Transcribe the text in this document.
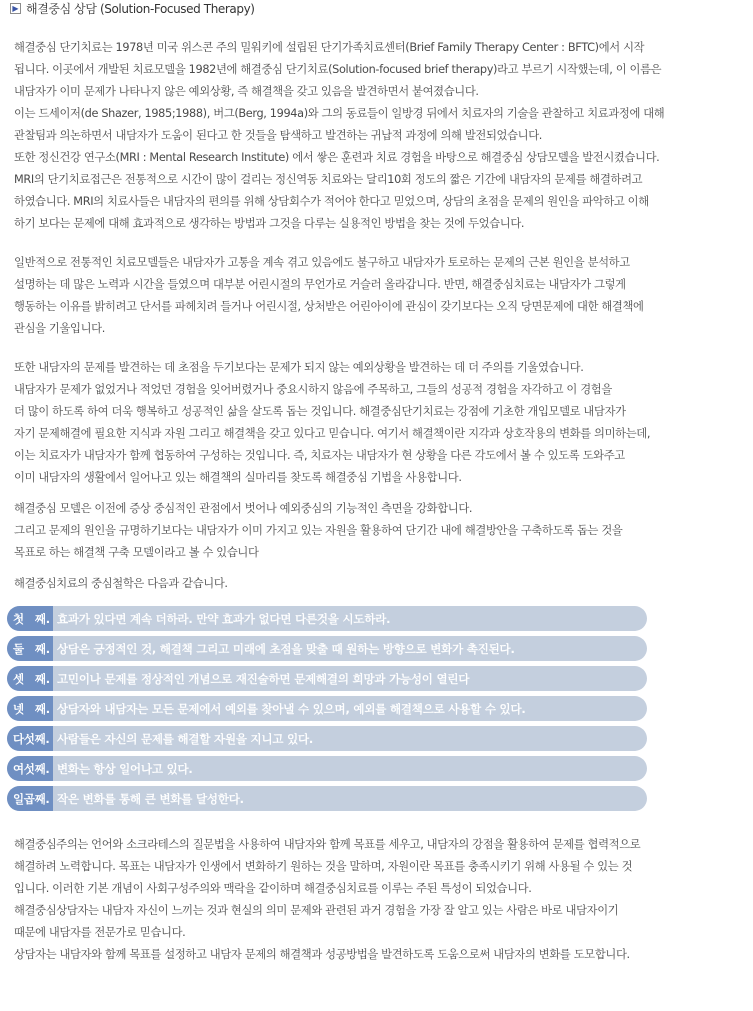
▶ 해결중심 상담 (Solution-Focused Therapy)

해결중심 단기치료는 1978년 미국 위스콘 주의 밀워키에 설립된 단기가족치료센터(Brief Family Therapy Center : BFTC)에서 시작
됩니다. 이곳에서 개발된 치료모델을 1982년에 해결중심 단기치료(Solution-focused brief therapy)라고 부르기 시작했는데, 이 이름은
내담자가 이미 문제가 나타나지 않은 예외상황, 즉 해결책을 갖고 있음을 발견하면서 붙여졌습니다.
이는 드세이저(de Shazer, 1985;1988), 버그(Berg, 1994a)와 그의 동료들이 일방경 뒤에서 치료자의 기술을 관찰하고 치료과정에 대해
관찰팀과 의논하면서 내담자가 도움이 된다고 한 것들을 탐색하고 발견하는 귀납적 과정에 의해 발전되었습니다.
또한 정신건강 연구소(MRI : Mental Research Institute) 에서 쌓은 훈련과 치료 경험을 바탕으로 해결중심 상담모델을 발전시켰습니다.
MRI의 단기치료접근은 전통적으로 시간이 많이 걸리는 정신역동 치료와는 달리10회 정도의 짧은 기간에 내담자의 문제를 해결하려고
하였습니다. MRI의 치료사들은 내담자의 편의를 위해 상담회수가 적어야 한다고 믿었으며, 상담의 초점을 문제의 원인을 파악하고 이해
하기 보다는 문제에 대해 효과적으로 생각하는 방법과 그것을 다루는 실용적인 방법을 찾는 것에 두었습니다.

일반적으로 전통적인 치료모델들은 내담자가 고통을 계속 겪고 있음에도 불구하고 내담자가 토로하는 문제의 근본 원인을 분석하고
설명하는 데 많은 노력과 시간을 들였으며 대부분 어린시절의 무언가로 거슬러 올라갑니다. 반면, 해결중심치료는 내담자가 그렇게
행동하는 이유를 밝히려고 단서를 파헤치려 들거나 어린시절, 상처받은 어린아이에 관심이 갖기보다는 오직 당면문제에 대한 해결책에
관심을 기울입니다.

또한 내담자의 문제를 발견하는 데 초점을 두기보다는 문제가 되지 않는 예외상황을 발견하는 데 더 주의를 기울였습니다.
내담자가 문제가 없었거나 적었던 경험을 잊어버렸거나 중요시하지 않음에 주목하고, 그들의 성공적 경험을 자각하고 이 경험을
더 많이 하도록 하여 더욱 행복하고 성공적인 삶을 살도록 돕는 것입니다. 해결중심단기치료는 강점에 기초한 개입모델로 내담자가
자기 문제해결에 필요한 지식과 자원 그리고 해결책을 갖고 있다고 믿습니다. 여기서 해결책이란 지각과 상호작용의 변화를 의미하는데,
이는 치료자가 내담자가 함께 협동하여 구성하는 것입니다. 즉, 치료자는 내담자가 현 상황을 다른 각도에서 볼 수 있도록 도와주고
이미 내담자의 생활에서 일어나고 있는 해결책의 실마리를 찾도록 해결중심 기법을 사용합니다.

해결중심 모델은 이전에 증상 중심적인 관점에서 벗어나 예외중심의 기능적인 측면을 강화합니다.
그리고 문제의 원인을 규명하기보다는 내담자가 이미 가지고 있는 자원을 활용하여 단기간 내에 해결방안을 구축하도록 돕는 것을
목표로 하는 해결책 구축 모델이라고 볼 수 있습니다

해결중심치료의 중심철학은 다음과 같습니다.

첫   째. 효과가 있다면 계속 더하라. 만약 효과가 없다면 다른것을 시도하라.
둘   째. 상담은 긍정적인 것, 해결책 그리고 미래에 초점을 맞출 때 원하는 방향으로 변화가 촉진된다.
셋   째. 고민이나 문제를 정상적인 개념으로 재진술하면 문제해결의 희망과 가능성이 열린다
넷   째. 상담자와 내담자는 모든 문제에서 예외를 찾아낼 수 있으며, 예외를 해결책으로 사용할 수 있다.
다섯째. 사람들은 자신의 문제를 해결할 자원을 지니고 있다.
여섯째. 변화는 항상 일어나고 있다.
일곱째. 작은 변화를 통해 큰 변화를 달성한다.

해결중심주의는 언어와 소크라테스의 질문법을 사용하여 내담자와 함께 목표를 세우고, 내담자의 강점을 활용하여 문제를 협력적으로
해결하려 노력합니다. 목표는 내담자가 인생에서 변화하기 원하는 것을 말하며, 자원이란 목표를 충족시키기 위해 사용될 수 있는 것
입니다. 이러한 기본 개념이 사회구성주의와 맥락을 같이하며 해결중심치료를 이루는 주된 특성이 되었습니다.
해결중심상담자는 내담자 자신이 느끼는 것과 현실의 의미 문제와 관련된 과거 경험을 가장 잘 알고 있는 사람은 바로 내담자이기
때문에 내담자를 전문가로 믿습니다.
상담자는 내담자와 함께 목표를 설정하고 내담자 문제의 해결책과 성공방법을 발견하도록 도움으로써 내담자의 변화를 도모합니다.
